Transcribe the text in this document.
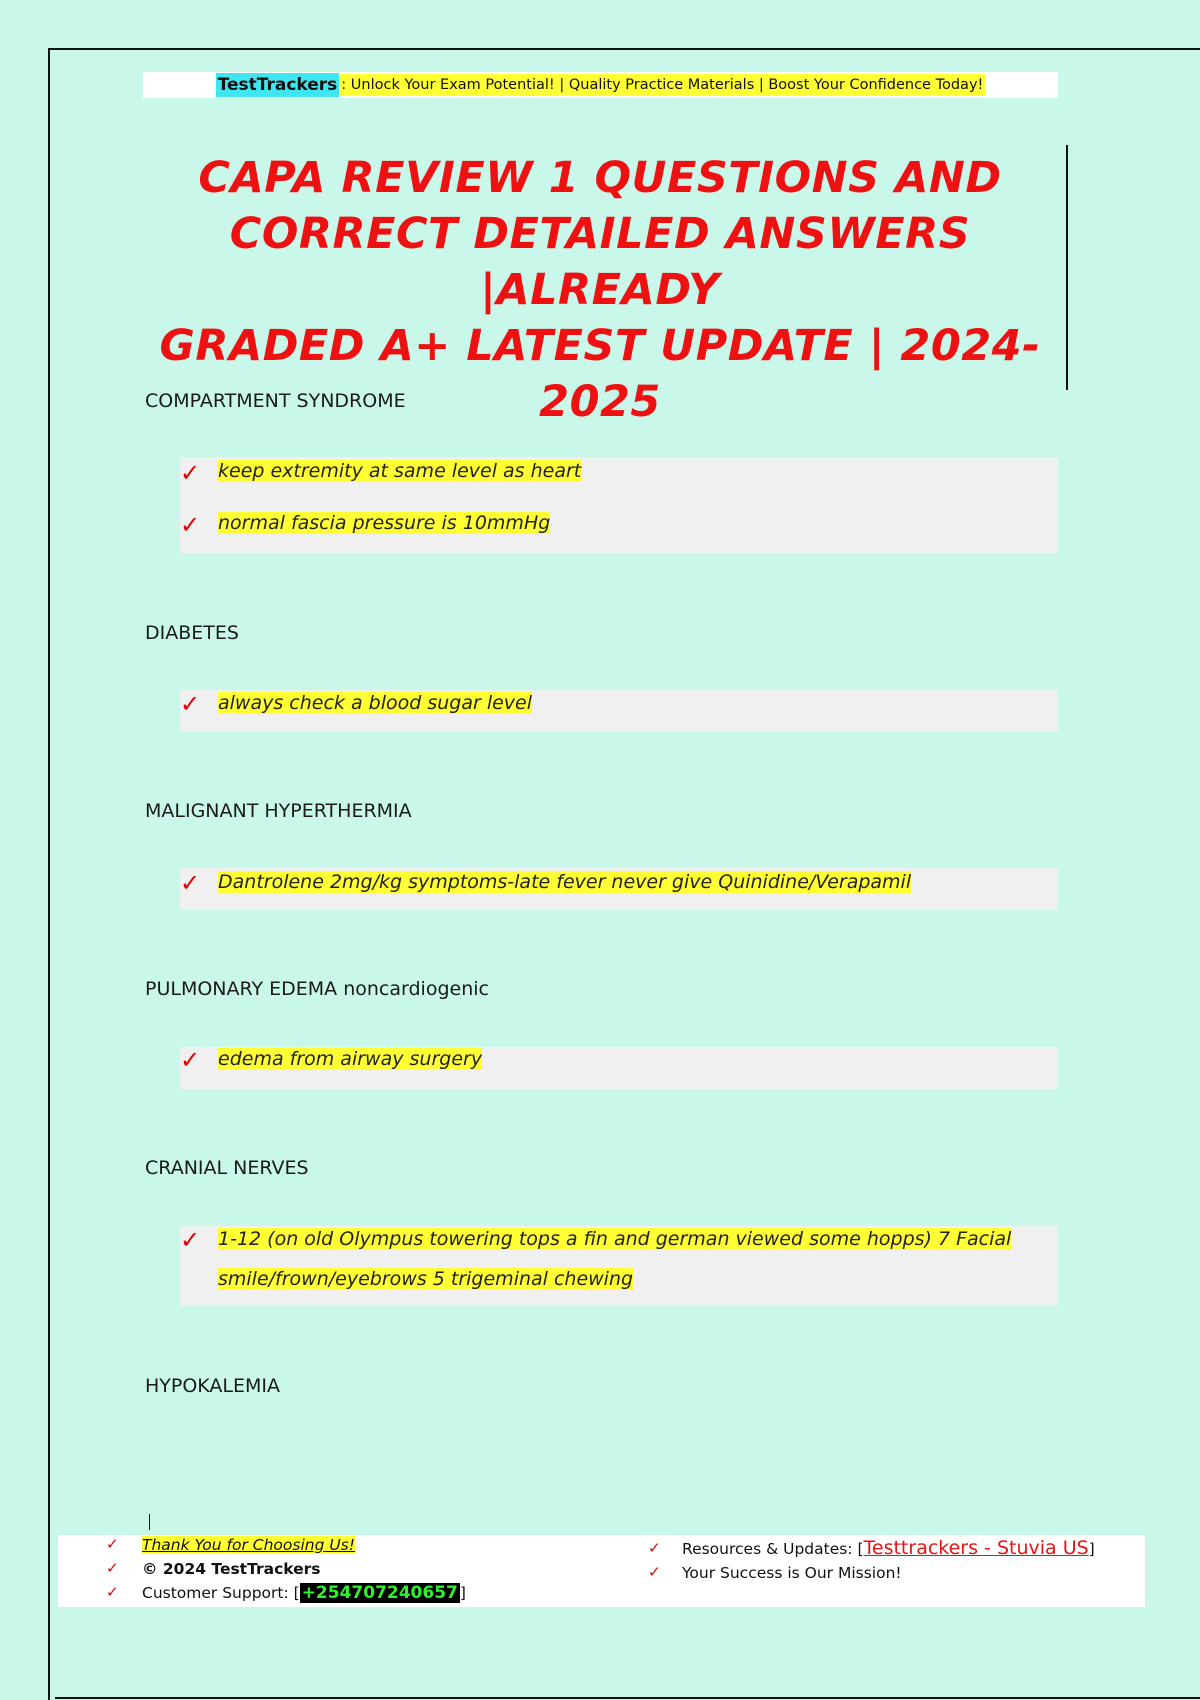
TestTrackers : Unlock Your Exam Potential! | Quality Practice Materials | Boost Your Confidence Today!
CAPA REVIEW 1 QUESTIONS AND
CORRECT DETAILED ANSWERS |ALREADY
GRADED A+ LATEST UPDATE | 2024-
2025
COMPARTMENT SYNDROME
✓ keep extremity at same level as heart
✓ normal fascia pressure is 10mmHg
DIABETES
✓ always check a blood sugar level
MALIGNANT HYPERTHERMIA
✓ Dantrolene 2mg/kg symptoms-late fever never give Quinidine/Verapamil
PULMONARY EDEMA noncardiogenic
✓ edema from airway surgery
CRANIAL NERVES
✓ 1-12 (on old Olympus towering tops a fin and german viewed some hopps) 7 Facial
smile/frown/eyebrows 5 trigeminal chewing
HYPOKALEMIA
✓ Thank You for Choosing Us!
✓ © 2024 TestTrackers
✓ Customer Support: [ +254707240657 ]
✓ Resources & Updates: [Testtrackers - Stuvia US]
✓ Your Success is Our Mission!
